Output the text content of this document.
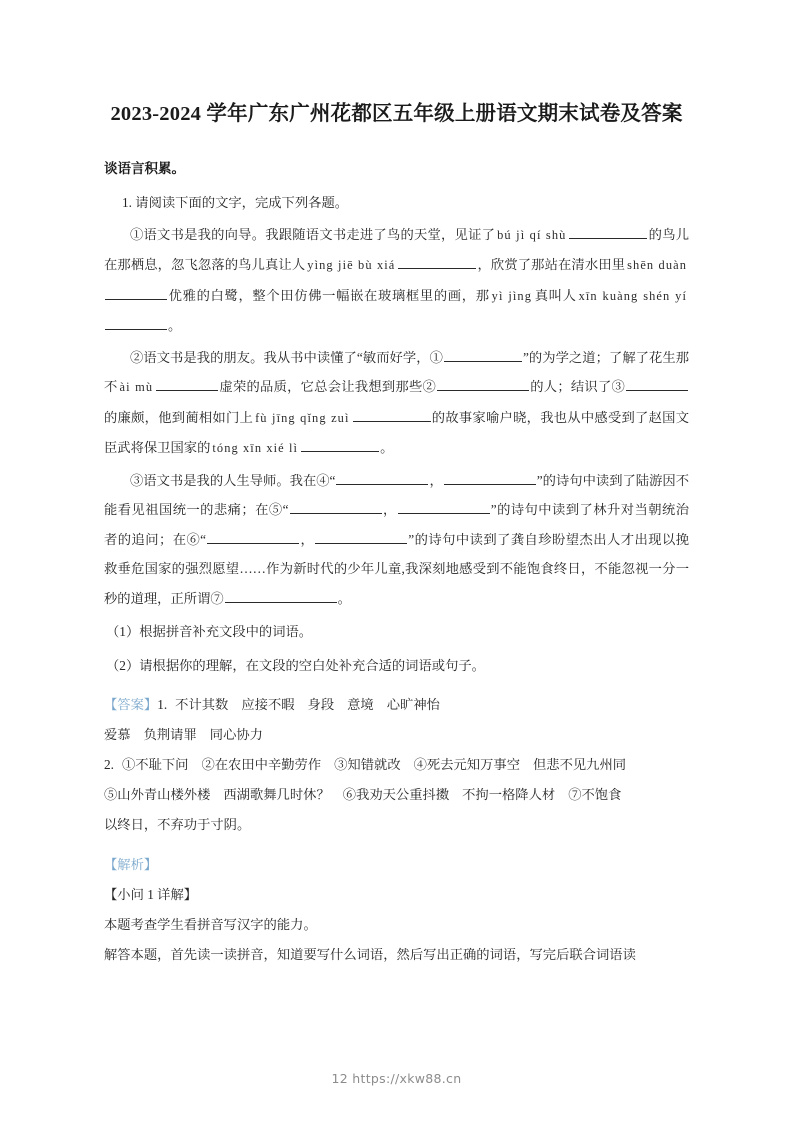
2023-2024 学年广东广州花都区五年级上册语文期末试卷及答案
谈语言积累。
1. 请阅读下面的文字，完成下列各题。
①语文书是我的向导。我跟随语文书走进了鸟的天堂，见证了 bú jì qí shù	的鸟儿在那栖息，忽飞忽落的鸟儿真让人 yìng jiē bù xiá	，欣赏了那站在清水田里 shēn duàn优雅的白鹭，整个田仿佛一幅嵌在玻璃框里的画，那 yì jìng 真叫人 xīn kuàng shén yí。
②语文书是我的朋友。我从书中读懂了“敏而好学，①	”的为学之道；了解了花生那不 ài mù	虚荣的品质，它总会让我想到那些②	的人；结识了③的廉颇，他到蔺相如门上 fù jīng qǐng zuì	的故事家喻户晓，我也从中感受到了赵国文臣武将保卫国家的 tóng xīn xié lì	。
③语文书是我的人生导师。我在④“	，	”的诗句中读到了陆游因不能看见祖国统一的悲痛；在⑤“	，	”的诗句中读到了林升对当朝统治者的追问；在⑥“	，	”的诗句中读到了龚自珍盼望杰出人才出现以挽救垂危国家的强烈愿望……作为新时代的少年儿童,我深刻地感受到不能饱食终日，不能忽视一分一秒的道理，正所谓⑦	。
（1）根据拼音补充文段中的词语。
（2）请根据你的理解，在文段的空白处补充合适的词语或句子。
【答案】1. 不计其数 应接不暇 身段 意境 心旷神怡
爱慕 负荆请罪 同心协力
2. ①不耻下问 ②在农田中辛勤劳作 ③知错就改 ④死去元知万事空 但悲不见九州同
⑤山外青山楼外楼 西湖歌舞几时休？ ⑥我劝天公重抖擞 不拘一格降人材 ⑦不饱食
以终日，不弃功于寸阴。
【解析】
【小问 1 详解】
本题考查学生看拼音写汉字的能力。
解答本题，首先读一读拼音，知道要写什么词语，然后写出正确的词语，写完后联合词语读
12 https://xkw88.cn
